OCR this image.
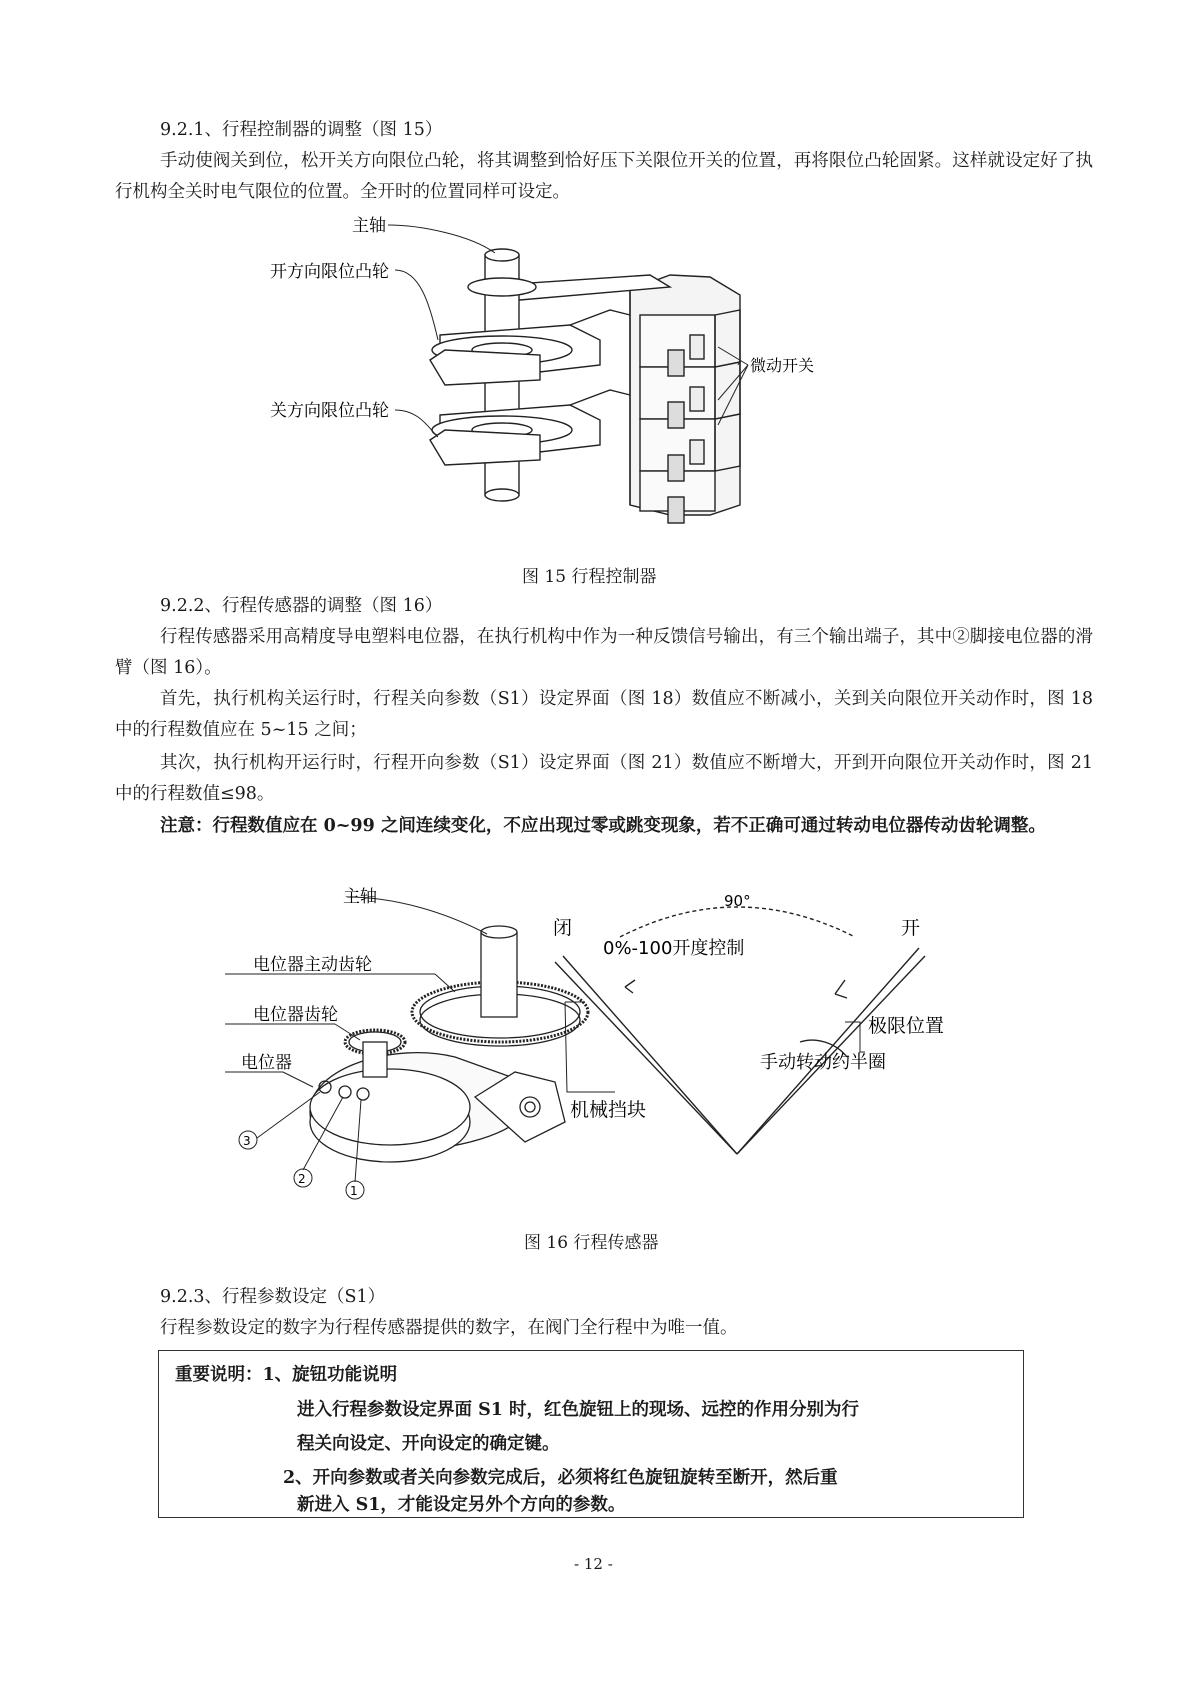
9.2.1、行程控制器的调整（图 15）
手动使阀关到位，松开关方向限位凸轮，将其调整到恰好压下关限位开关的位置，再将限位凸轮固紧。这样就设定好了执行机构全关时电气限位的位置。全开时的位置同样可设定。
主轴
开方向限位凸轮
关方向限位凸轮
微动开关
图 15 行程控制器
9.2.2、行程传感器的调整（图 16）
行程传感器采用高精度导电塑料电位器，在执行机构中作为一种反馈信号输出，有三个输出端子，其中②脚接电位器的滑臂（图 16）。
首先，执行机构关运行时，行程关向参数（S1）设定界面（图 18）数值应不断减小，关到关向限位开关动作时，图 18 中的行程数值应在 5~15 之间；
其次，执行机构开运行时，行程开向参数（S1）设定界面（图 21）数值应不断增大，开到开向限位开关动作时，图 21 中的行程数值≤98。
注意：行程数值应在 0~99 之间连续变化，不应出现过零或跳变现象，若不正确可通过转动电位器传动齿轮调整。
3
2
1
主轴
电位器主动齿轮
电位器齿轮
电位器
90°
闭	开
0%-100开度控制
极限位置
手动转动约半圈
机械挡块
图 16 行程传感器
9.2.3、行程参数设定（S1）
行程参数设定的数字为行程传感器提供的数字，在阀门全行程中为唯一值。
重要说明：1、旋钮功能说明
进入行程参数设定界面 S1 时，红色旋钮上的现场、远控的作用分别为行
程关向设定、开向设定的确定键。
2、开向参数或者关向参数完成后，必须将红色旋钮旋转至断开，然后重
新进入 S1，才能设定另外个方向的参数。
- 12 -
